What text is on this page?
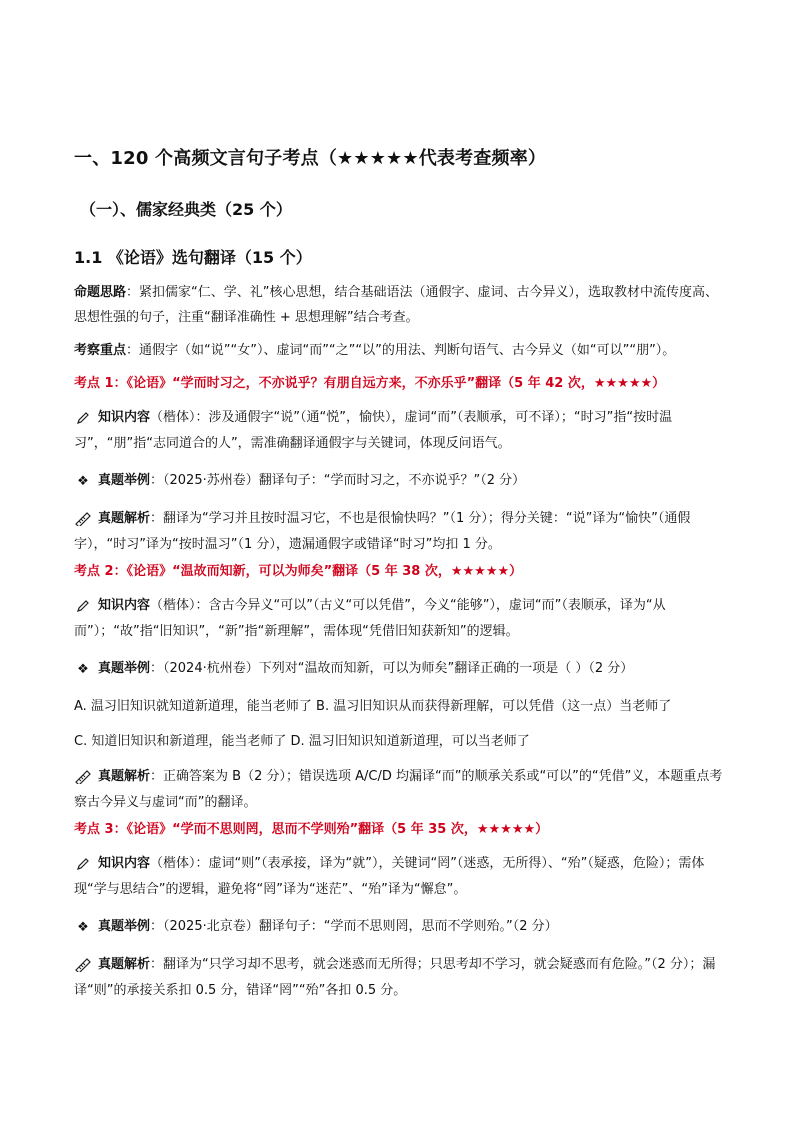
一、120 个高频文言句子考点（★★★★★代表考查频率）
（一）、儒家经典类（25 个）
1.1 《论语》选句翻译（15 个）
命题思路：紧扣儒家“仁、学、礼”核心思想，结合基础语法（通假字、虚词、古今异义），选取教材中流传度高、思想性强的句子，注重“翻译准确性 + 思想理解”结合考查。
考察重点：通假字（如“说”“女”）、虚词“而”“之”“以”的用法、判断句语气、古今异义（如“可以”“朋”）。
考点 1：《论语》“学而时习之，不亦说乎？有朋自远方来，不亦乐乎”翻译（5 年 42 次，★★★★★）
知识内容（楷体）：涉及通假字“说”（通“悦”，愉快），虚词“而”（表顺承，可不译）；“时习”指“按时温习”，“朋”指“志同道合的人”，需准确翻译通假字与关键词，体现反问语气。
❖ 真题举例：（2025·苏州卷）翻译句子：“学而时习之，不亦说乎？”（2 分）
真题解析：翻译为“学习并且按时温习它，不也是很愉快吗？”（1 分）；得分关键：“说”译为“愉快”（通假字），“时习”译为“按时温习”（1 分），遗漏通假字或错译“时习”均扣 1 分。
考点 2：《论语》“温故而知新，可以为师矣”翻译（5 年 38 次，★★★★★）
知识内容（楷体）：含古今异义“可以”（古义“可以凭借”，今义“能够”），虚词“而”（表顺承，译为“从而”）；“故”指“旧知识”，“新”指“新理解”，需体现“凭借旧知获新知”的逻辑。
❖ 真题举例：（2024·杭州卷）下列对“温故而知新，可以为师矣”翻译正确的一项是（ ）（2 分）
A. 温习旧知识就知道新道理，能当老师了 B. 温习旧知识从而获得新理解，可以凭借（这一点）当老师了
C. 知道旧知识和新道理，能当老师了 D. 温习旧知识知道新道理，可以当老师了
真题解析：正确答案为 B（2 分）；错误选项 A/C/D 均漏译“而”的顺承关系或“可以”的“凭借”义，本题重点考察古今异义与虚词“而”的翻译。
考点 3：《论语》“学而不思则罔，思而不学则殆”翻译（5 年 35 次，★★★★★）
知识内容（楷体）：虚词“则”（表承接，译为“就”），关键词“罔”（迷惑，无所得）、“殆”（疑惑，危险）；需体现“学与思结合”的逻辑，避免将“罔”译为“迷茫”、“殆”译为“懈怠”。
❖ 真题举例：（2025·北京卷）翻译句子：“学而不思则罔，思而不学则殆。”（2 分）
真题解析：翻译为“只学习却不思考，就会迷惑而无所得；只思考却不学习，就会疑惑而有危险。”（2 分）；漏译“则”的承接关系扣 0.5 分，错译“罔”“殆”各扣 0.5 分。
